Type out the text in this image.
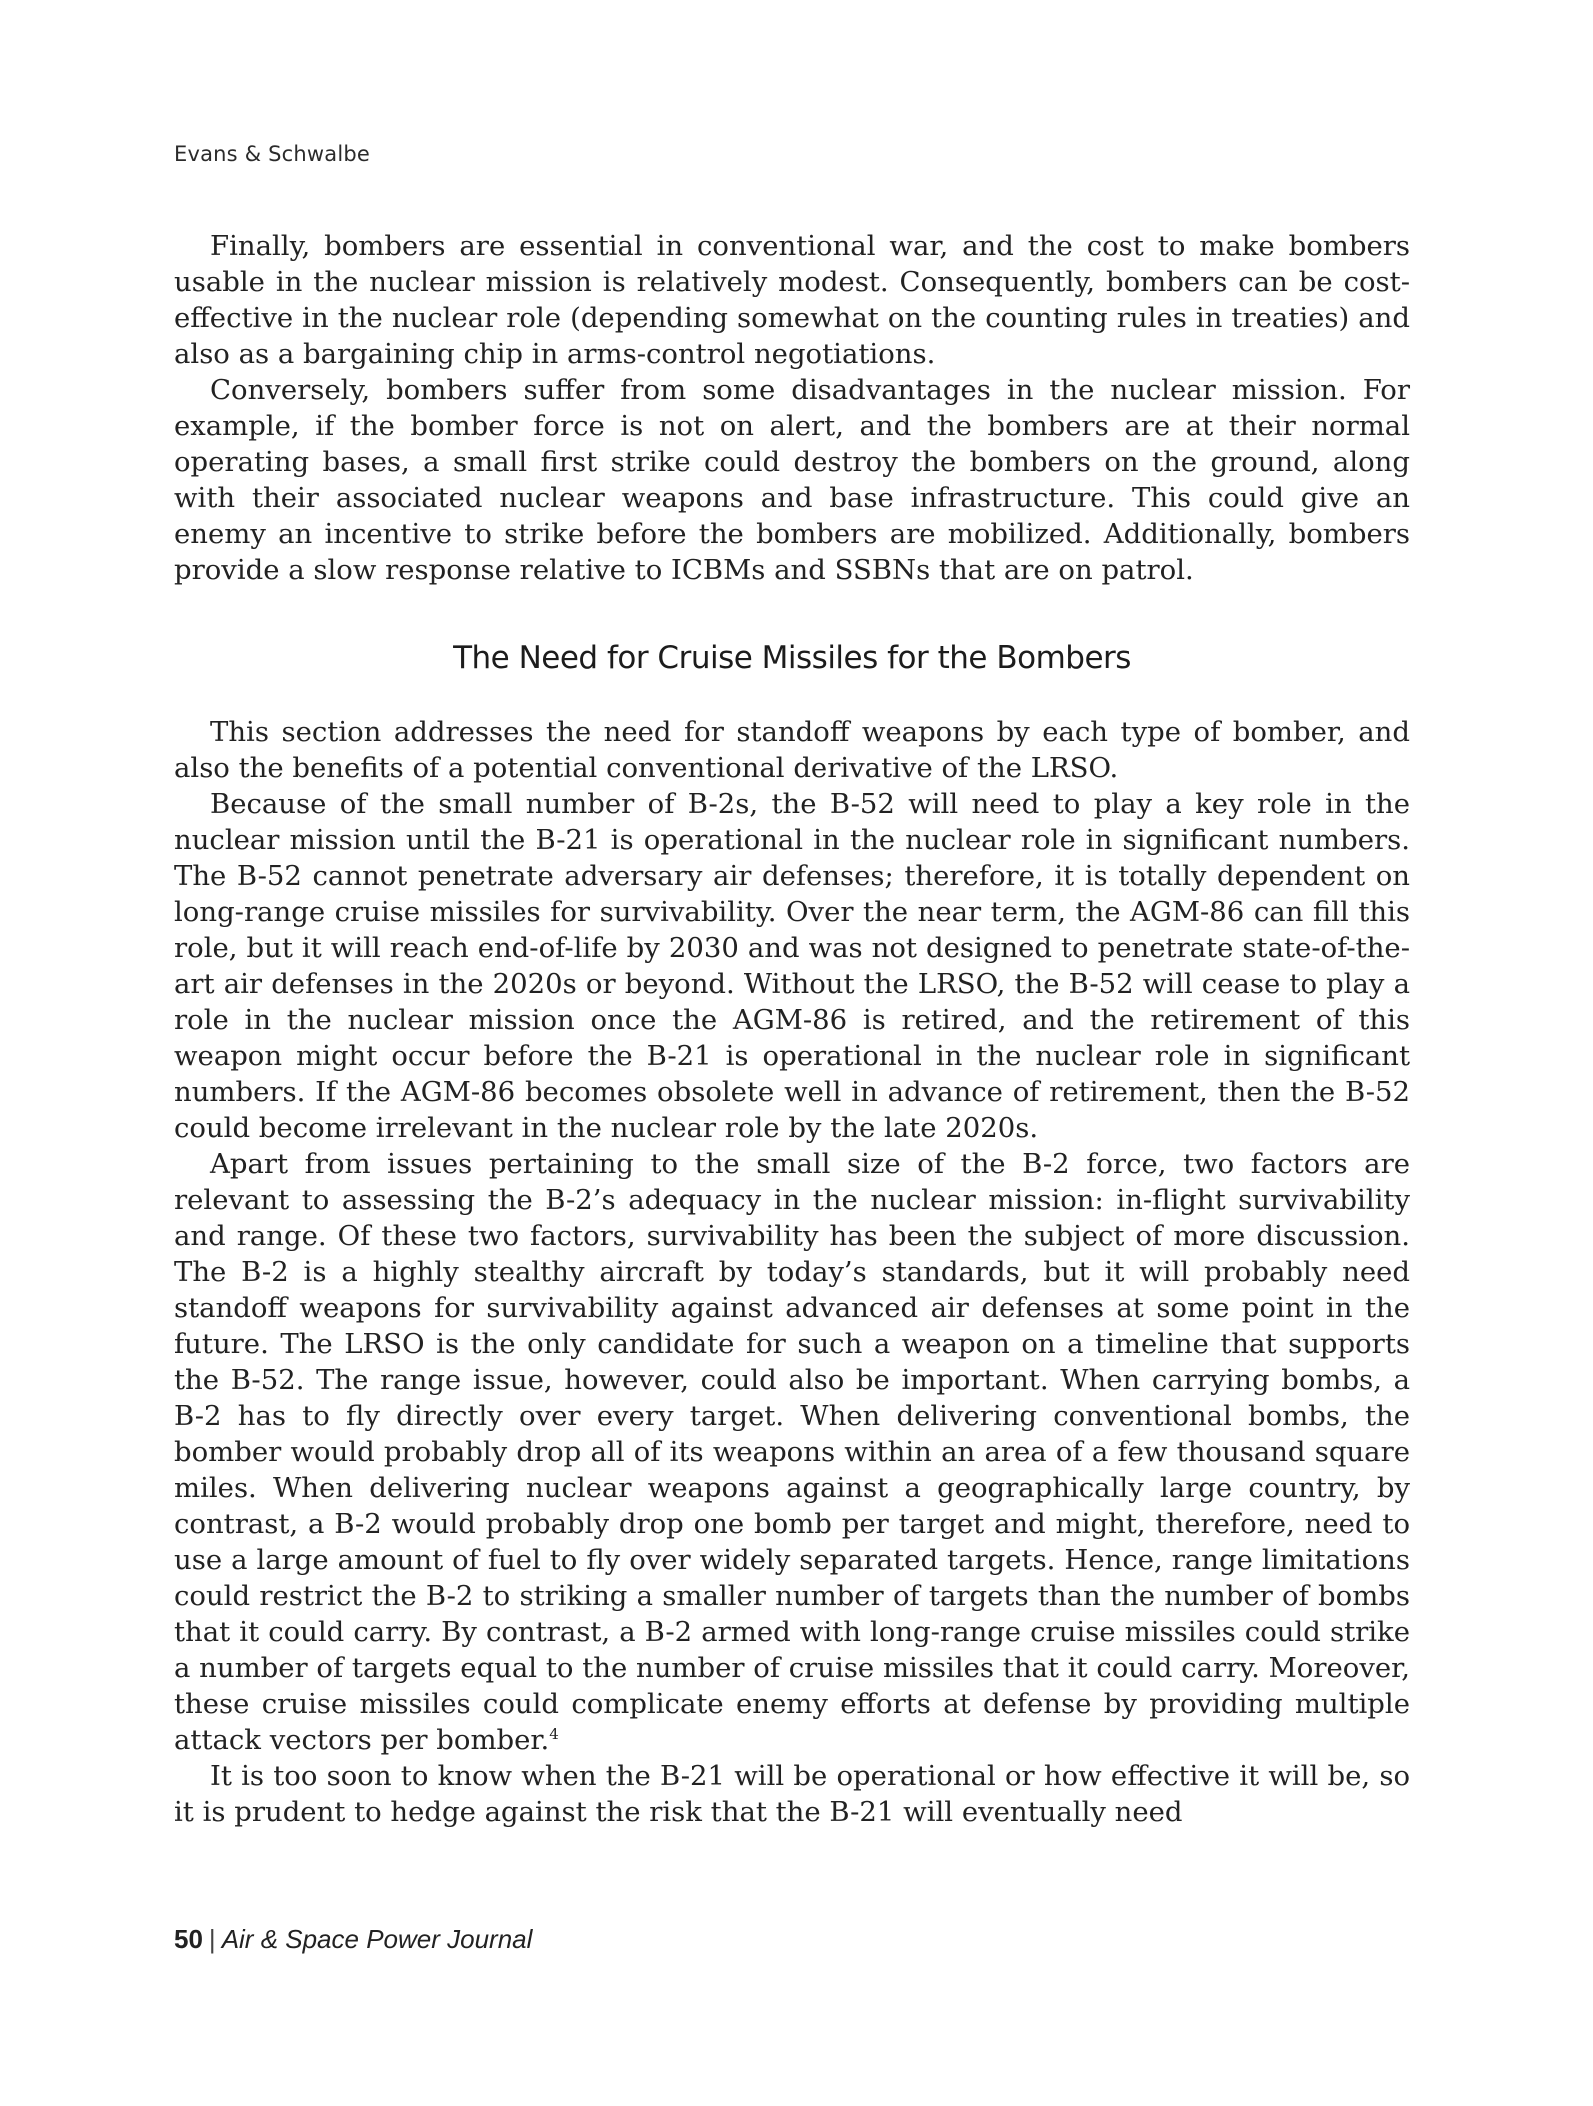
Evans & Schwalbe

Finally, bombers are essential in conventional war, and the cost to make bombers usable in the nuclear mission is relatively modest. Consequently, bombers can be cost-effective in the nuclear role (depending somewhat on the counting rules in treaties) and also as a bargaining chip in arms-control negotiations.

Conversely, bombers suffer from some disadvantages in the nuclear mission. For example, if the bomber force is not on alert, and the bombers are at their normal operating bases, a small first strike could destroy the bombers on the ground, along with their associated nuclear weapons and base infrastructure. This could give an enemy an incentive to strike before the bombers are mobilized. Additionally, bombers provide a slow response relative to ICBMs and SSBNs that are on patrol.

The Need for Cruise Missiles for the Bombers

This section addresses the need for standoff weapons by each type of bomber, and also the benefits of a potential conventional derivative of the LRSO.

Because of the small number of B-2s, the B-52 will need to play a key role in the nuclear mission until the B-21 is operational in the nuclear role in significant numbers. The B-52 cannot penetrate adversary air defenses; therefore, it is totally dependent on long-range cruise missiles for survivability. Over the near term, the AGM-86 can fill this role, but it will reach end-of-life by 2030 and was not designed to penetrate state-of-the-art air defenses in the 2020s or beyond. Without the LRSO, the B-52 will cease to play a role in the nuclear mission once the AGM-86 is retired, and the retirement of this weapon might occur before the B-21 is operational in the nuclear role in significant numbers. If the AGM-86 becomes obsolete well in advance of retirement, then the B-52 could become irrelevant in the nuclear role by the late 2020s.

Apart from issues pertaining to the small size of the B-2 force, two factors are relevant to assessing the B-2’s adequacy in the nuclear mission: in-flight survivability and range. Of these two factors, survivability has been the subject of more discussion. The B-2 is a highly stealthy aircraft by today’s standards, but it will probably need standoff weapons for survivability against advanced air defenses at some point in the future. The LRSO is the only candidate for such a weapon on a timeline that supports the B-52. The range issue, however, could also be important. When carrying bombs, a B-2 has to fly directly over every target. When delivering conventional bombs, the bomber would probably drop all of its weapons within an area of a few thousand square miles. When delivering nuclear weapons against a geographically large country, by contrast, a B-2 would probably drop one bomb per target and might, therefore, need to use a large amount of fuel to fly over widely separated targets. Hence, range limitations could restrict the B-2 to striking a smaller number of targets than the number of bombs that it could carry. By contrast, a B-2 armed with long-range cruise missiles could strike a number of targets equal to the number of cruise missiles that it could carry. Moreover, these cruise missiles could complicate enemy efforts at defense by providing multiple attack vectors per bomber.$^4$

It is too soon to know when the B-21 will be operational or how effective it will be, so it is prudent to hedge against the risk that the B-21 will eventually need

50 | Air & Space Power Journal
